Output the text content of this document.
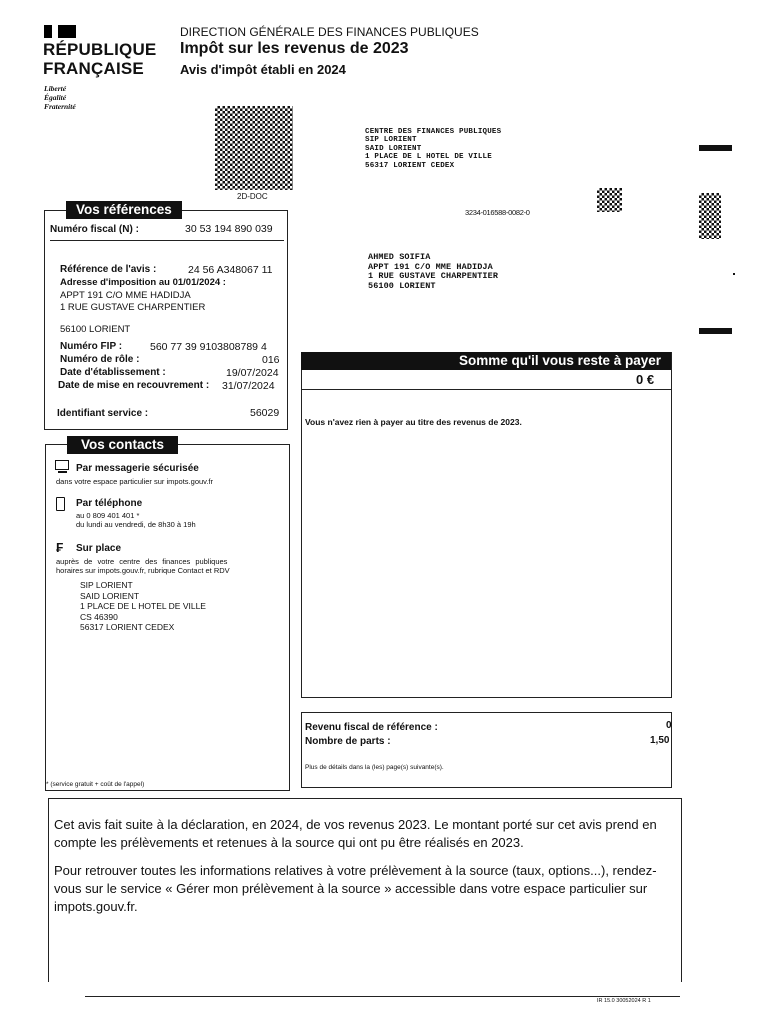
RÉPUBLIQUE
FRANÇAISE
Liberté
Égalité
Fraternité
DIRECTION GÉNÉRALE DES FINANCES PUBLIQUES
Impôt sur les revenus de 2023
Avis d'impôt établi en 2024
2D-DOC
CENTRE DES FINANCES PUBLIQUES
SIP LORIENT
SAID LORIENT
1 PLACE DE L HOTEL DE VILLE
56317 LORIENT CEDEX
3234-016588-0082-0
AHMED SOIFIA
APPT 191 C/O MME HADIDJA
1 RUE GUSTAVE CHARPENTIER
56100 LORIENT
Vos références
Numéro fiscal (N) :	30 53 194 890 039
Référence de l'avis :	24 56 A348067 11
Adresse d'imposition au 01/01/2024 :
APPT 191 C/O MME HADIDJA
1 RUE GUSTAVE CHARPENTIER
56100 LORIENT
Numéro FIP :	560 77 39 9103808789 4
Numéro de rôle :	016
Date d'établissement :	19/07/2024
Date de mise en recouvrement : 31/07/2024
Identifiant service :	56029
Vos contacts
Par messagerie sécurisée
dans votre espace particulier sur impots.gouv.fr
Par téléphone
au 0 809 401 401 *
du lundi au vendredi, de 8h30 à 19h
₣ Sur place
auprès de votre centre des finances publiques
horaires sur impots.gouv.fr, rubrique Contact et RDV
SIP LORIENT
SAID LORIENT
1 PLACE DE L HOTEL DE VILLE
CS 46390
56317 LORIENT CEDEX
* (service gratuit + coût de l'appel)
Somme qu'il vous reste à payer
0 €
Vous n'avez rien à payer au titre des revenus de 2023.
Revenu fiscal de référence :	0
Nombre de parts :	1,50
Plus de détails dans la (les) page(s) suivante(s).
Cet avis fait suite à la déclaration, en 2024, de vos revenus 2023. Le montant porté sur cet avis prend en compte les prélèvements et retenues à la source qui ont pu être réalisés en 2023.
Pour retrouver toutes les informations relatives à votre prélèvement à la source (taux, options...), rendez-vous sur le service « Gérer mon prélèvement à la source » accessible dans votre espace particulier sur impots.gouv.fr.
IR 15.0 30052024 R 1
